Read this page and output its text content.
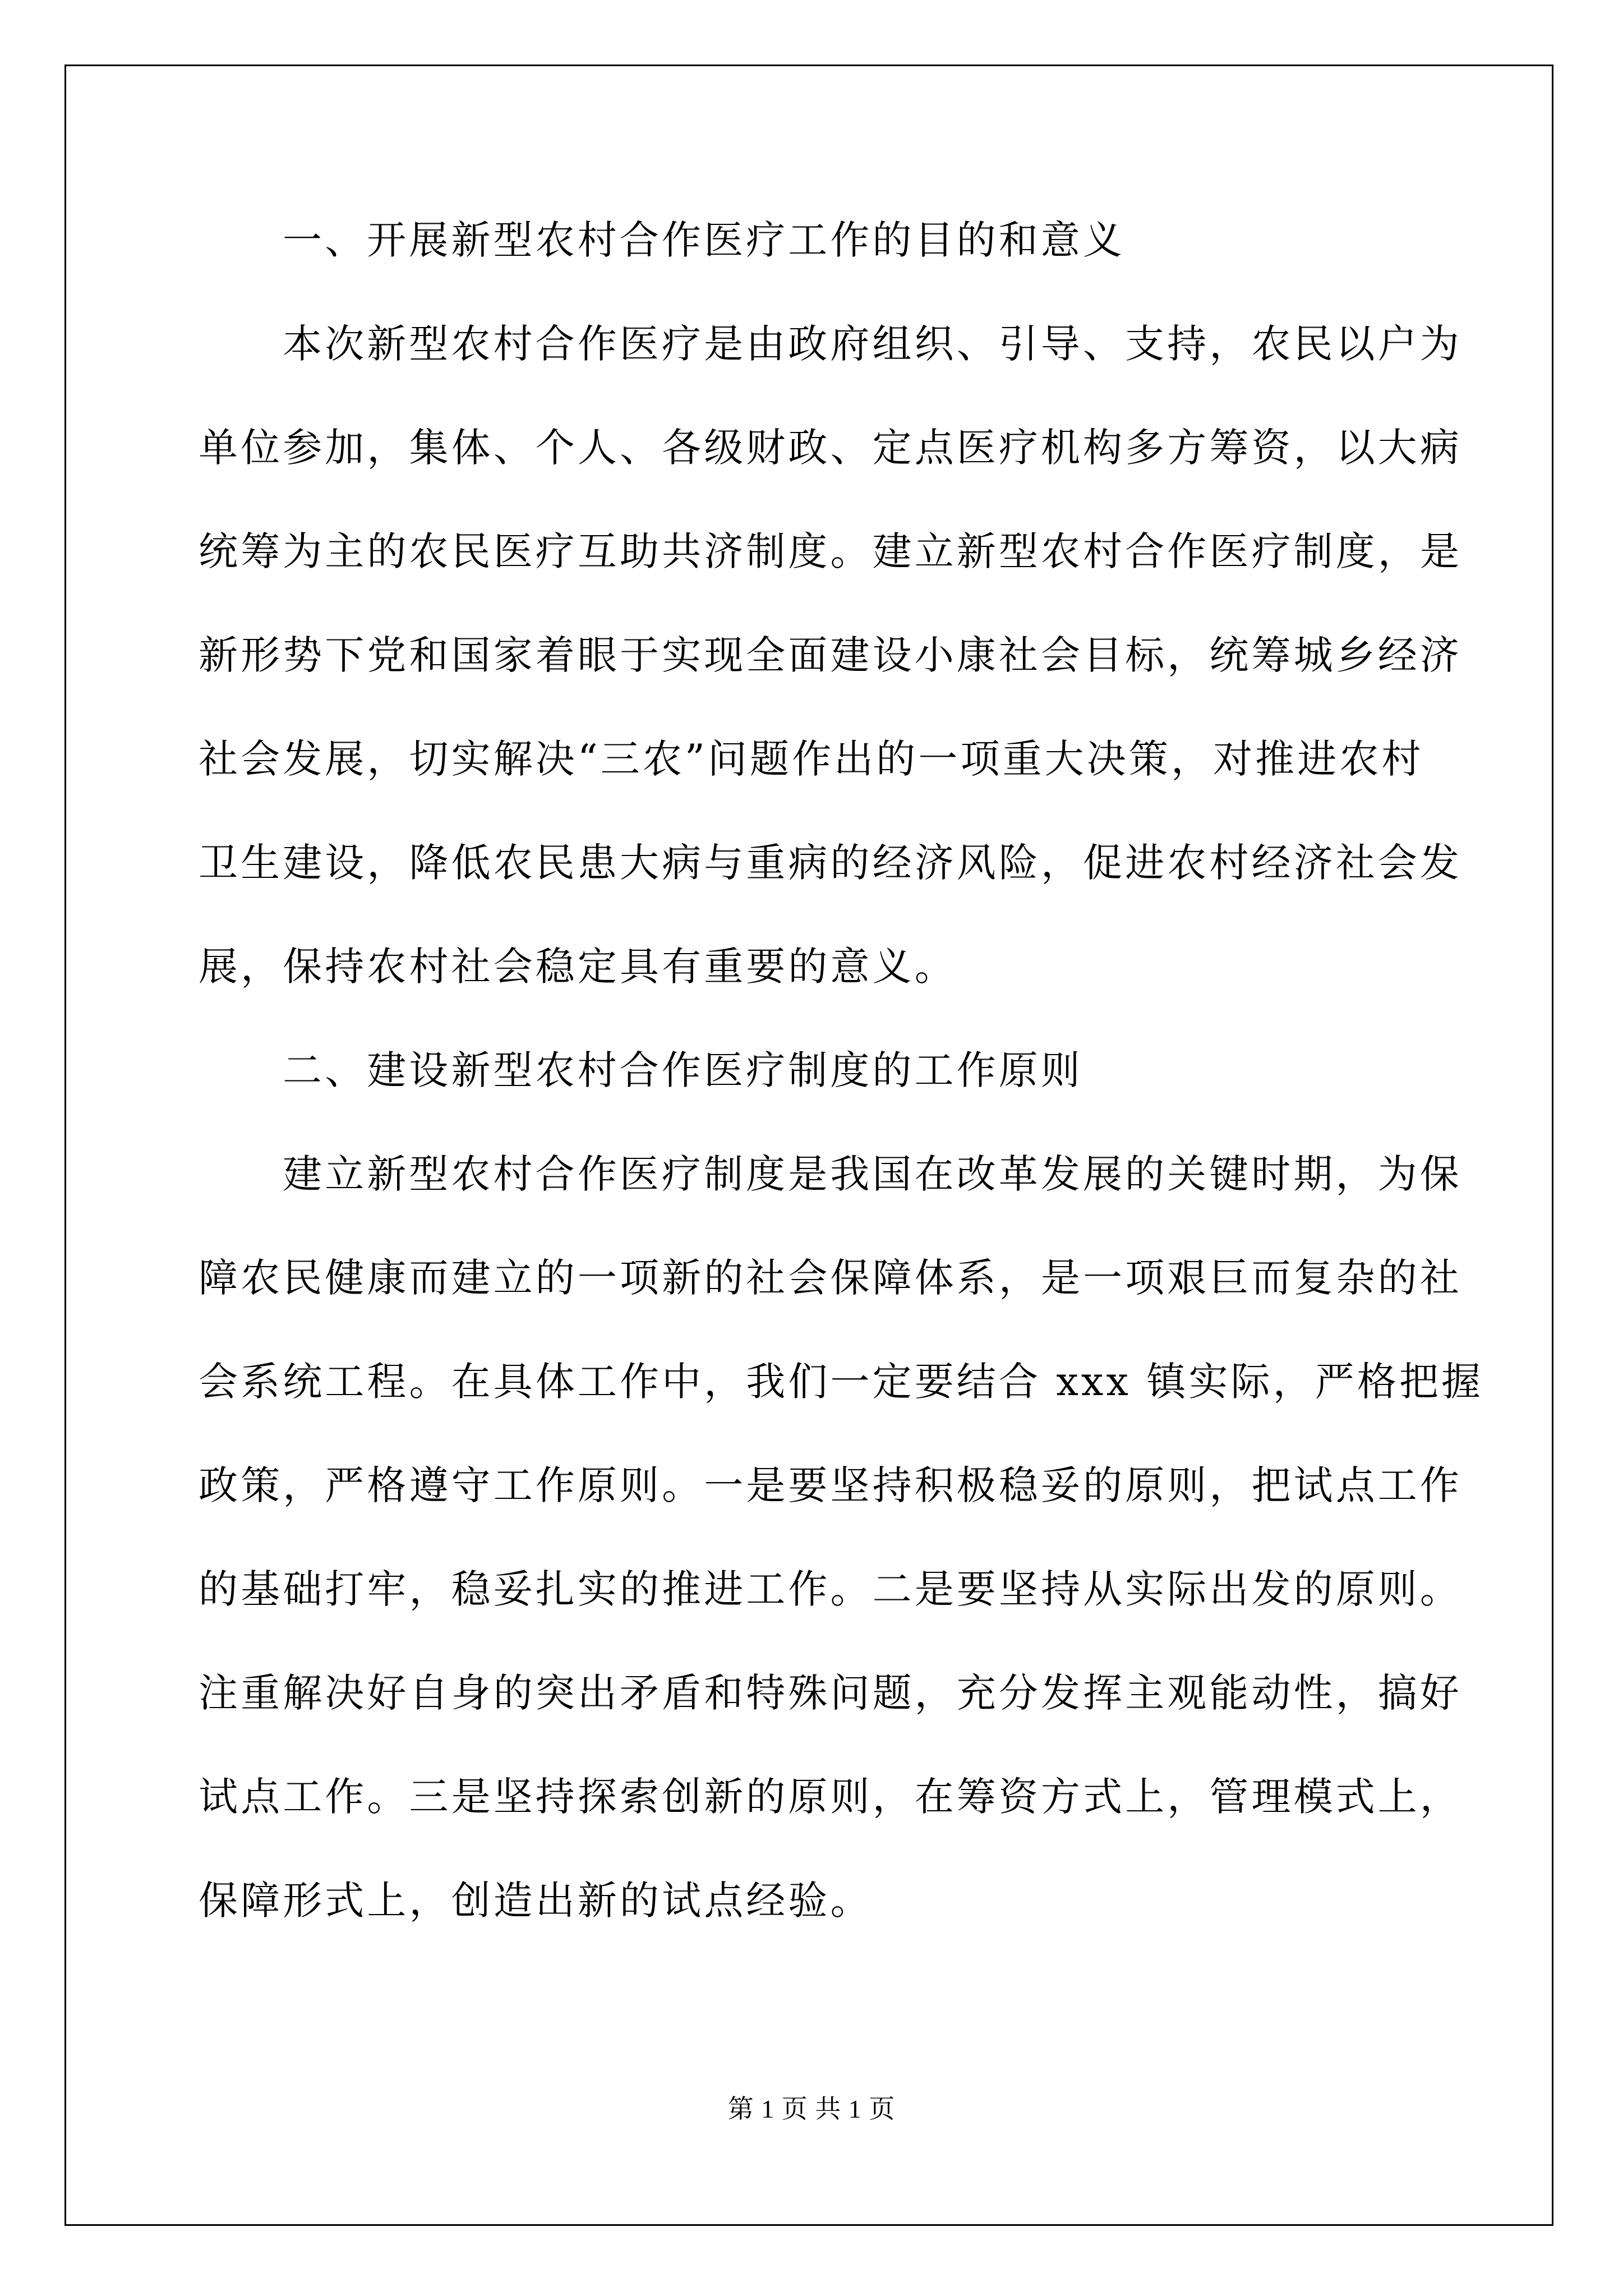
一、开展新型农村合作医疗工作的目的和意义
本次新型农村合作医疗是由政府组织、引导、支持，农民以户为
单位参加，集体、个人、各级财政、定点医疗机构多方筹资，以大病
统筹为主的农民医疗互助共济制度。建立新型农村合作医疗制度，是
新形势下党和国家着眼于实现全面建设小康社会目标，统筹城乡经济
社会发展，切实解决“三农”问题作出的一项重大决策，对推进农村
卫生建设，降低农民患大病与重病的经济风险，促进农村经济社会发
展，保持农村社会稳定具有重要的意义。
二、建设新型农村合作医疗制度的工作原则
建立新型农村合作医疗制度是我国在改革发展的关键时期，为保
障农民健康而建立的一项新的社会保障体系，是一项艰巨而复杂的社
会系统工程。在具体工作中，我们一定要结合 xxx 镇实际，严格把握
政策，严格遵守工作原则。一是要坚持积极稳妥的原则，把试点工作
的基础打牢，稳妥扎实的推进工作。二是要坚持从实际出发的原则。
注重解决好自身的突出矛盾和特殊问题，充分发挥主观能动性，搞好
试点工作。三是坚持探索创新的原则，在筹资方式上，管理模式上，
保障形式上，创造出新的试点经验。
第 1 页 共 1 页
